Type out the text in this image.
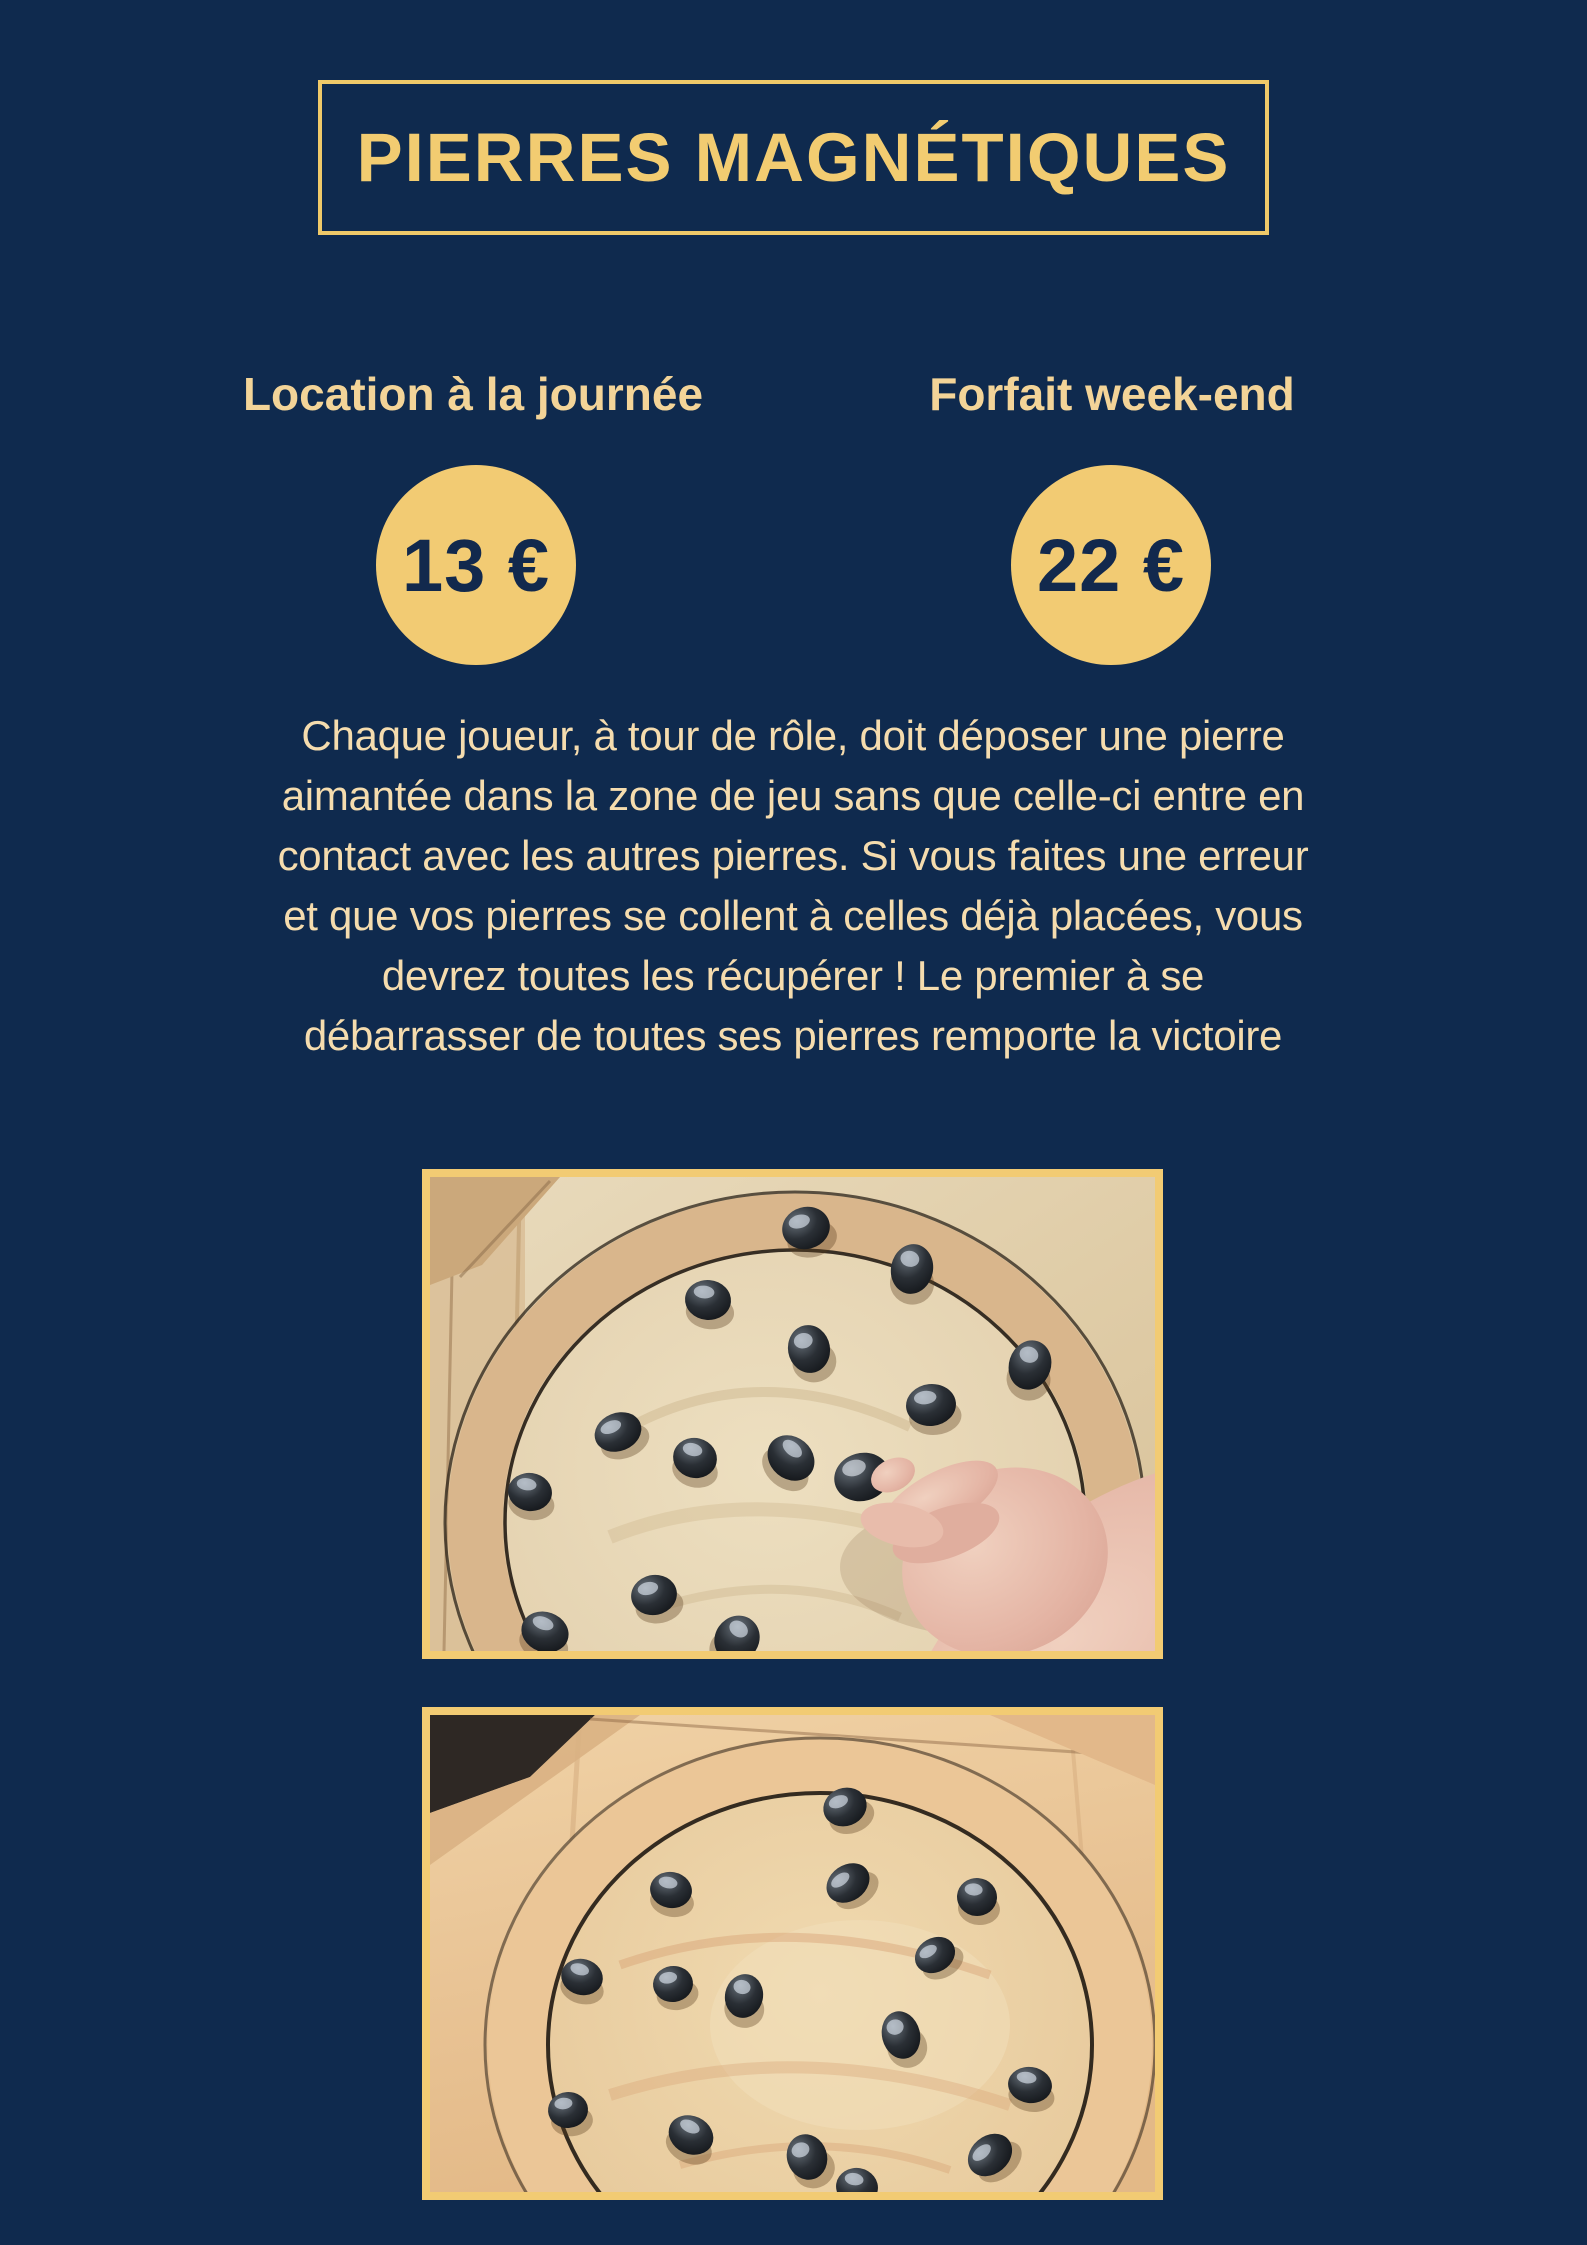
PIERRES MAGNÉTIQUES
Location à la journée	Forfait week-end
13 €	22 €
Chaque joueur, à tour de rôle, doit déposer une pierre
aimantée dans la zone de jeu sans que celle-ci entre en
contact avec les autres pierres. Si vous faites une erreur
et que vos pierres se collent à celles déjà placées, vous
devrez toutes les récupérer ! Le premier à se
débarrasser de toutes ses pierres remporte la victoire
